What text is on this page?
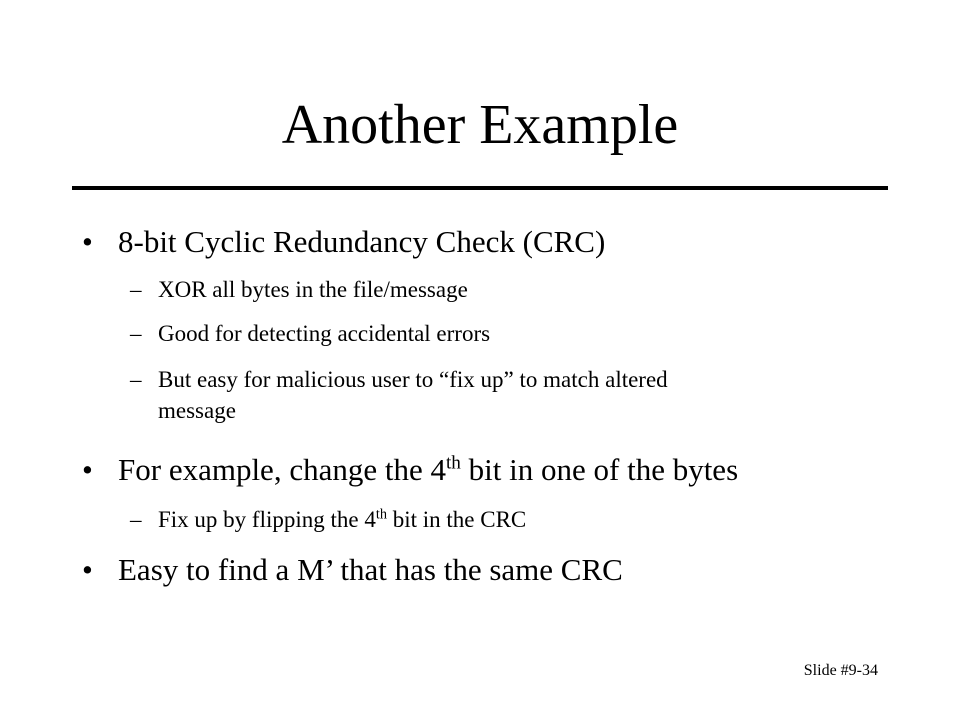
Another Example
• 8-bit Cyclic Redundancy Check (CRC)
– XOR all bytes in the file/message
– Good for detecting accidental errors
– But easy for malicious user to “fix up” to match altered
message
• For example, change the 4th bit in one of the bytes
– Fix up by flipping the 4th bit in the CRC
• Easy to find a M’ that has the same CRC
Slide #9-34
